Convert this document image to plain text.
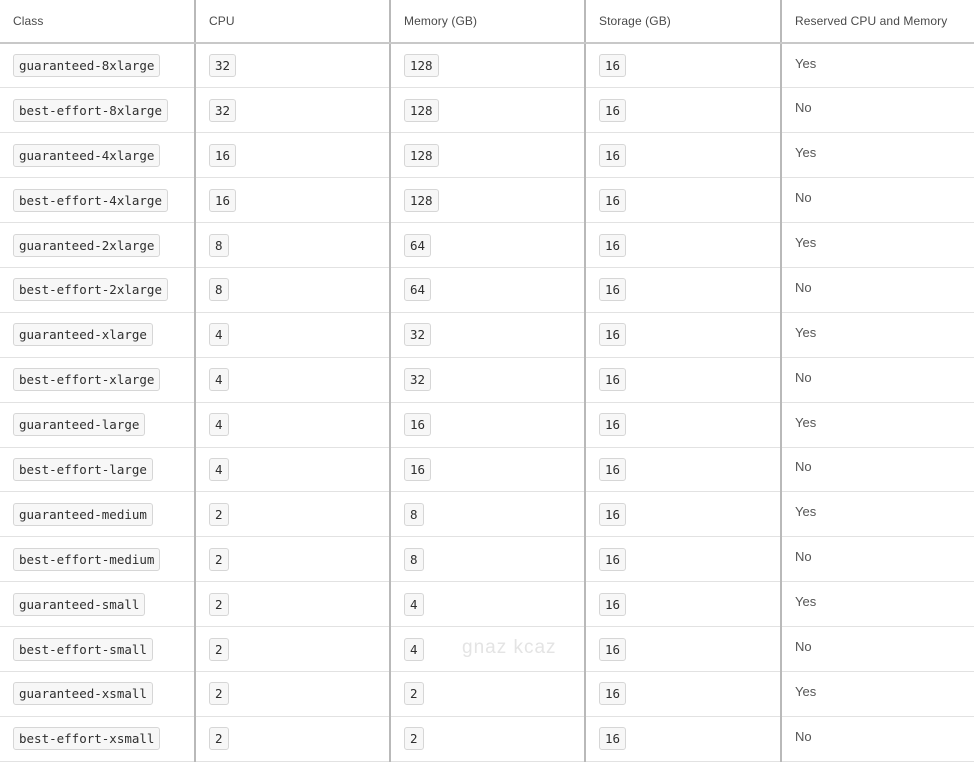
Class	CPU	Memory (GB)	Storage (GB)	Reserved CPU and Memory
guaranteed-8xlarge	32	128	16	Yes
best-effort-8xlarge	32	128	16	No
guaranteed-4xlarge	16	128	16	Yes
best-effort-4xlarge	16	128	16	No
guaranteed-2xlarge	8	64	16	Yes
best-effort-2xlarge	8	64	16	No
guaranteed-xlarge	4	32	16	Yes
best-effort-xlarge	4	32	16	No
guaranteed-large	4	16	16	Yes
best-effort-large	4	16	16	No
guaranteed-medium	2	8	16	Yes
best-effort-medium	2	8	16	No
guaranteed-small	2	4	16	Yes
best-effort-small	2	4	16	No
guaranteed-xsmall	2	2	16	Yes
best-effort-xsmall	2	2	16	No
gnaz kcaz
